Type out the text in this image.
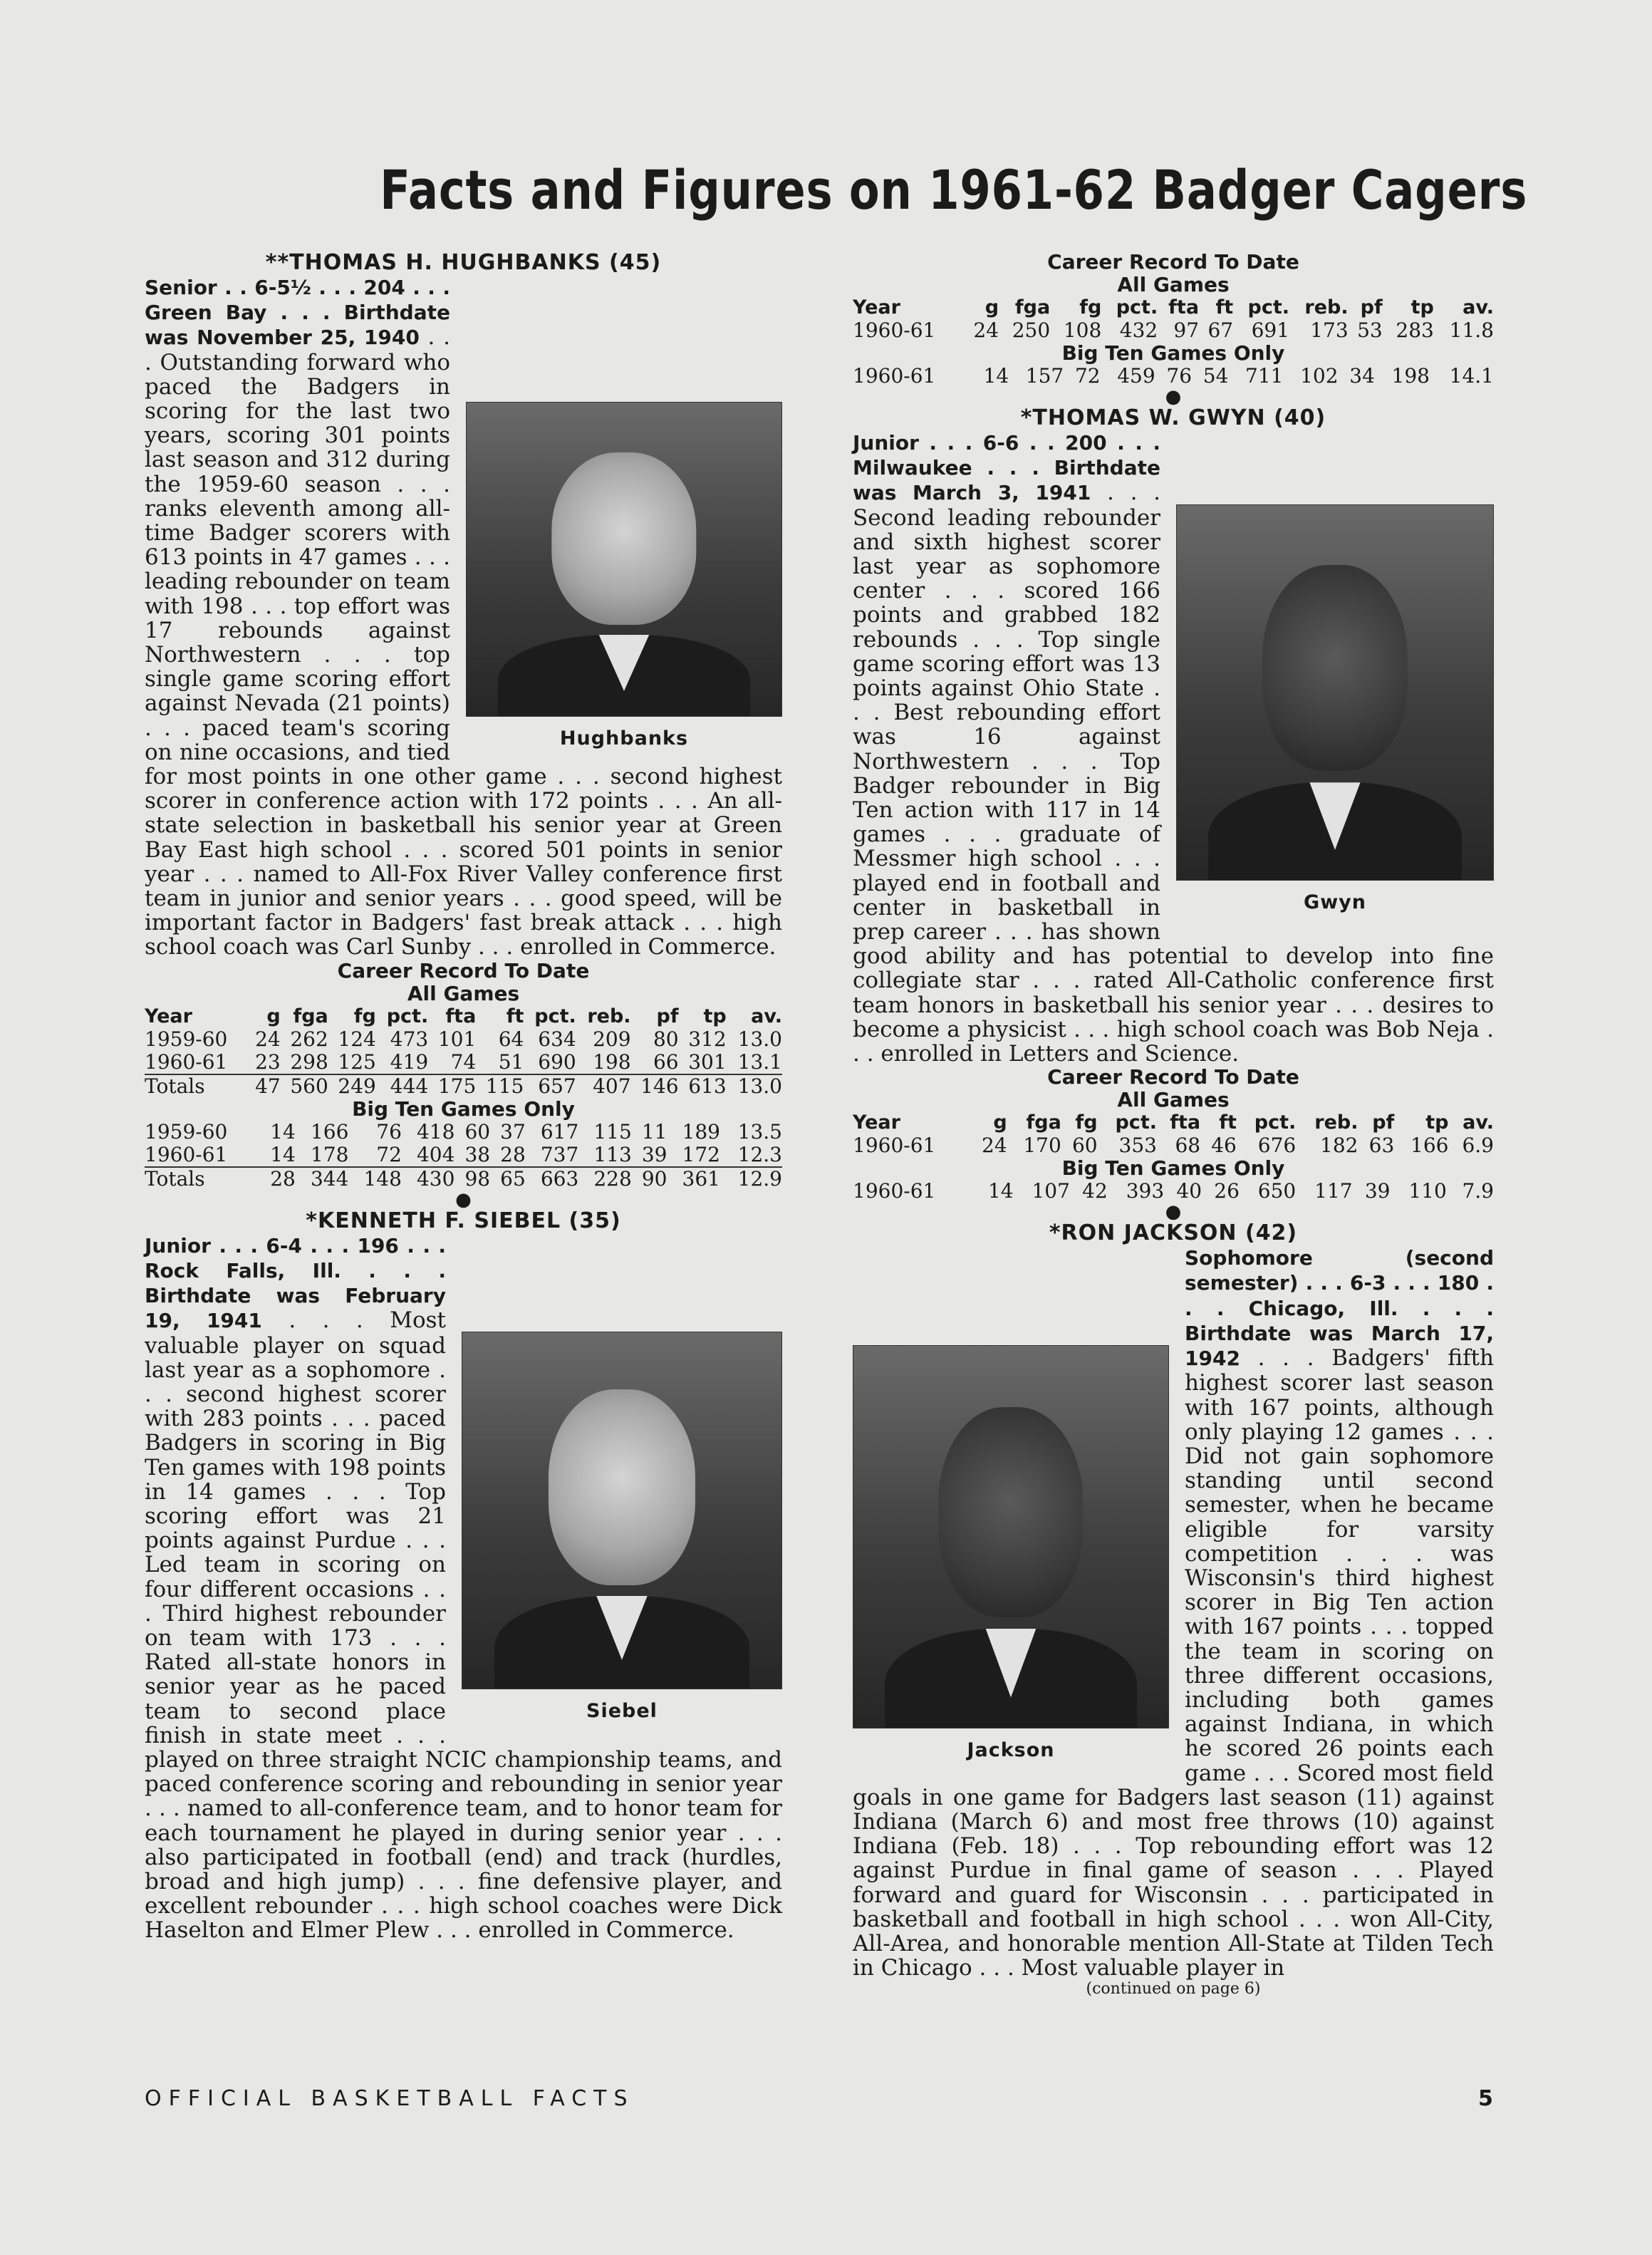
Facts and Figures on 1961-62 Badger Cagers
**THOMAS H. HUGHBANKS (45)
Hughbanks

Senior . . 6-5½ . . . 204 . . . Green Bay . . . Birthdate was November 25, 1940 . . . Outstanding forward who paced the Badgers in scoring for the last two years, scoring 301 points last season and 312 during the 1959-60 season . . . ranks eleventh among all-time Badger scorers with 613 points in 47 games . . . leading rebounder on team with 198 . . . top effort was 17 rebounds against Northwestern . . . top single game scoring effort against Nevada (21 points) . . . paced team's scoring on nine occasions, and tied for most points in one other game . . . second highest scorer in conference action with 172 points . . . An all-state selection in basketball his senior year at Green Bay East high school . . . scored 501 points in senior year . . . named to All-Fox River Valley conference first team in junior and senior years . . . good speed, will be important factor in Badgers' fast break attack . . . high school coach was Carl Sunby . . . enrolled in Commerce.

Career Record To Date
All Games
Year	g	fga	fg	pct.	fta	ft	pct.	reb.	pf	tp	av.
1959-60	24	262	124	473	101	64	634	209	80	312	13.0
1960-61	23	298	125	419	74	51	690	198	66	301	13.1
Totals	47	560	249	444	175	115	657	407	146	613	13.0
Big Ten Games Only
1959-60	14	166	76	418	60	37	617	115	11	189	13.5
1960-61	14	178	72	404	38	28	737	113	39	172	12.3
Totals	28	344	148	430	98	65	663	228	90	361	12.9
●
*KENNETH F. SIEBEL (35)
Siebel

Junior . . . 6-4 . . . 196 . . . Rock Falls, Ill. . . . Birthdate was February 19, 1941 . . . Most valuable player on squad last year as a sophomore . . . second highest scorer with 283 points . . . paced Badgers in scoring in Big Ten games with 198 points in 14 games . . . Top scoring effort was 21 points against Purdue . . . Led team in scoring on four different occasions . . . Third highest rebounder on team with 173 . . . Rated all-state honors in senior year as he paced team to second place finish in state meet . . . played on three straight NCIC championship teams, and paced conference scoring and rebounding in senior year . . . named to all-conference team, and to honor team for each tournament he played in during senior year . . . also participated in football (end) and track (hurdles, broad and high jump) . . . fine defensive player, and excellent rebounder . . . high school coaches were Dick Haselton and Elmer Plew . . . enrolled in Commerce.

Career Record To Date
All Games
Year	g	fga	fg	pct.	fta	ft	pct.	reb.	pf	tp	av.
1960-61	24	250	108	432	97	67	691	173	53	283	11.8
Big Ten Games Only
1960-61	14	157	72	459	76	54	711	102	34	198	14.1
●
*THOMAS W. GWYN (40)
Gwyn

Junior . . . 6-6 . . 200 . . . Milwaukee . . . Birthdate was March 3, 1941 . . . Second leading rebounder and sixth highest scorer last year as sophomore center . . . scored 166 points and grabbed 182 rebounds . . . Top single game scoring effort was 13 points against Ohio State . . . Best rebounding effort was 16 against Northwestern . . . Top Badger rebounder in Big Ten action with 117 in 14 games . . . graduate of Messmer high school . . . played end in football and center in basketball in prep career . . . has shown good ability and has potential to develop into fine collegiate star . . . rated All-Catholic conference first team honors in basketball his senior year . . . desires to become a physicist . . . high school coach was Bob Neja . . . enrolled in Letters and Science.

Career Record To Date
All Games
Year	g	fga	fg	pct.	fta	ft	pct.	reb.	pf	tp	av.
1960-61	24	170	60	353	68	46	676	182	63	166	6.9
Big Ten Games Only
1960-61	14	107	42	393	40	26	650	117	39	110	7.9
●
*RON JACKSON (42)
Jackson

Sophomore (second semester) . . . 6-3 . . . 180 . . . Chicago, Ill. . . . Birthdate was March 17, 1942 . . . Badgers' fifth highest scorer last season with 167 points, although only playing 12 games . . . Did not gain sophomore standing until second semester, when he became eligible for varsity competition . . . was Wisconsin's third highest scorer in Big Ten action with 167 points . . . topped the team in scoring on three different occasions, including both games against Indiana, in which he scored 26 points each game . . . Scored most field goals in one game for Badgers last season (11) against Indiana (March 6) and most free throws (10) against Indiana (Feb. 18) . . . Top rebounding effort was 12 against Purdue in final game of season . . . Played forward and guard for Wisconsin . . . participated in basketball and football in high school . . . won All-City, All-Area, and honorable mention All-State at Tilden Tech in Chicago . . . Most valuable player in

(continued on page 6)
OFFICIAL BASKETBALL FACTS	5
